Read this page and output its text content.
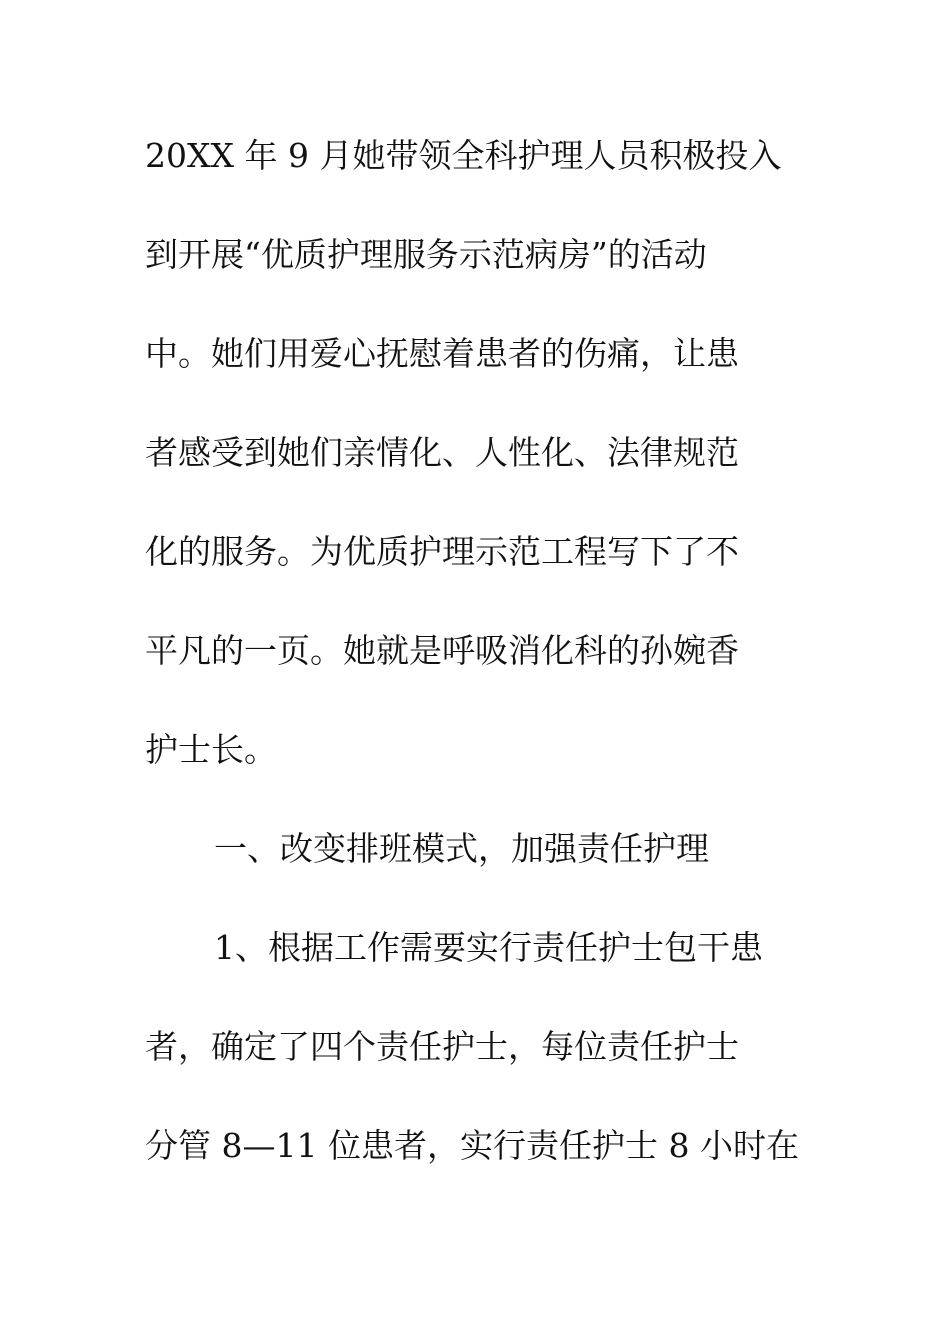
20XX 年 9 月她带领全科护理人员积极投入
到开展“优质护理服务示范病房”的活动
中。她们用爱心抚慰着患者的伤痛，让患
者感受到她们亲情化、人性化、法律规范
化的服务。为优质护理示范工程写下了不
平凡的一页。她就是呼吸消化科的孙婉香
护士长。
一、改变排班模式，加强责任护理
1、根据工作需要实行责任护士包干患
者，确定了四个责任护士，每位责任护士
分管 8—11 位患者，实行责任护士 8 小时在
